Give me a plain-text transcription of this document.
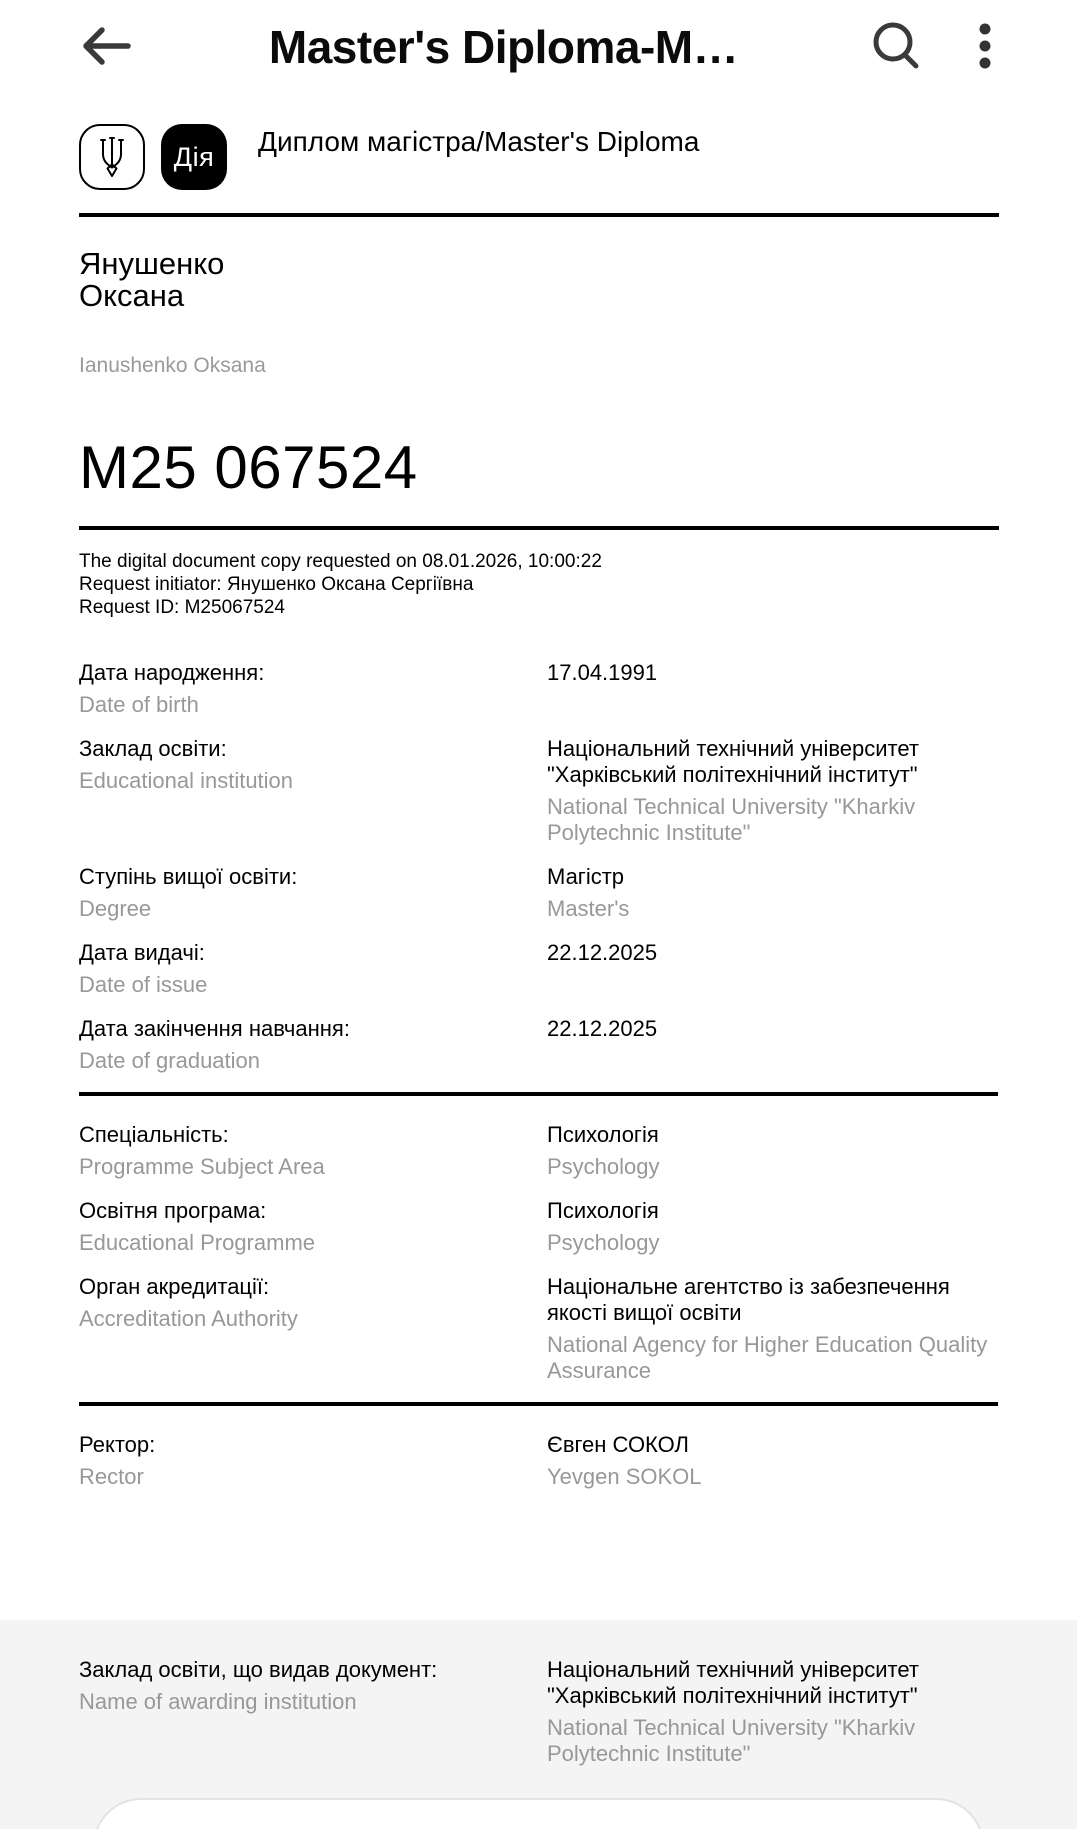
Master's Diploma-M…
Дія	Диплом магістра/Master's Diploma
Янушенко
Оксана
Ianushenko Oksana
М25 067524
The digital document copy requested on 08.01.2026, 10:00:22
Request initiator: Янушенко Оксана Сергіївна
Request ID: M25067524
Дата народження:
Date of birth
17.04.1991
Заклад освіти:
Educational institution
Національний технічний університет "Харківський політехнічний інститут"
National Technical University "Kharkiv Polytechnic Institute"
Ступінь вищої освіти:
Degree
Магістр
Master's
Дата видачі:
Date of issue
22.12.2025
Дата закінчення навчання:
Date of graduation
22.12.2025
Спеціальність:
Programme Subject Area
Психологія
Psychology
Освітня програма:
Educational Programme
Психологія
Psychology
Орган акредитації:
Accreditation Authority
Національне агентство із забезпечення якості вищої освіти
National Agency for Higher Education Quality Assurance
Ректор:
Rector
Євген СОКОЛ
Yevgen SOKOL
Заклад освіти, що видав документ:
Name of awarding institution
Національний технічний університет "Харківський політехнічний інститут"
National Technical University "Kharkiv Polytechnic Institute"
